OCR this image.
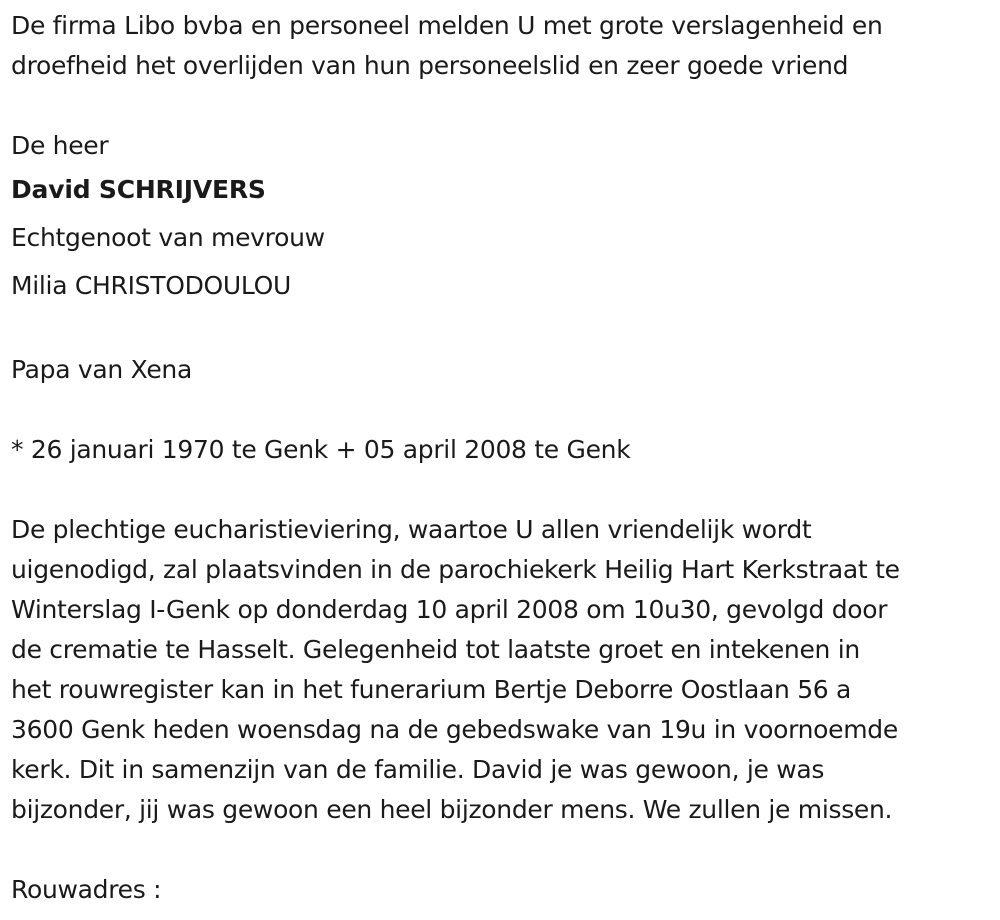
De firma Libo bvba en personeel melden U met grote verslagenheid en
droefheid het overlijden van hun personeelslid en zeer goede vriend
De heer
David SCHRIJVERS
Echtgenoot van mevrouw
Milia CHRISTODOULOU
Papa van Xena
* 26 januari 1970 te Genk + 05 april 2008 te Genk
De plechtige eucharistieviering, waartoe U allen vriendelijk wordt
uigenodigd, zal plaatsvinden in de parochiekerk Heilig Hart Kerkstraat te
Winterslag I-Genk op donderdag 10 april 2008 om 10u30, gevolgd door
de crematie te Hasselt. Gelegenheid tot laatste groet en intekenen in
het rouwregister kan in het funerarium Bertje Deborre Oostlaan 56 a
3600 Genk heden woensdag na de gebedswake van 19u in voornoemde
kerk. Dit in samenzijn van de familie. David je was gewoon, je was
bijzonder, jij was gewoon een heel bijzonder mens. We zullen je missen.
Rouwadres :
